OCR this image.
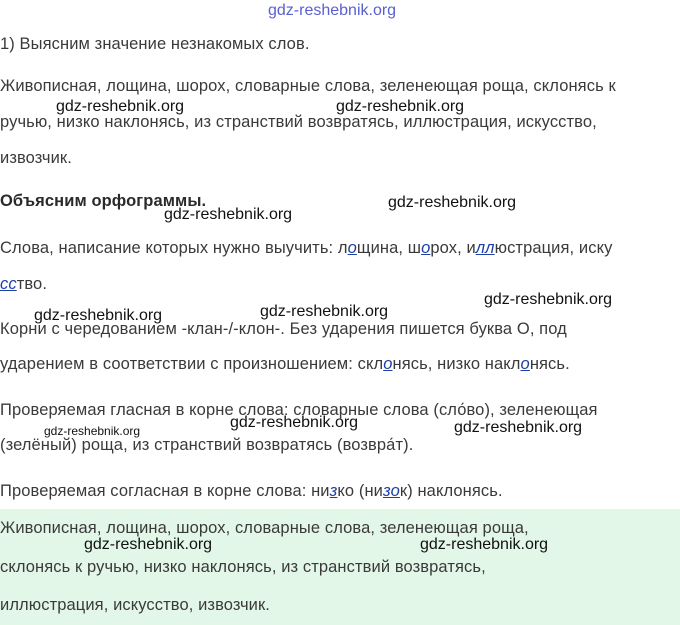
gdz-reshebnik.org
1) Выясним значение незнакомых слов.
Живописная, лощина, шорох, словарные слова, зеленеющая роща, склонясь к
ручью, низко наклонясь, из странствий возвратясь, иллюстрация, искусство,
извозчик.
Объясним орфограммы.
Слова, написание которых нужно выучить: лощина, шорох, иллюстрация, иску
сство.
Корни с чередованием -клан-/-клон-. Без ударения пишется буква О, под
ударением в соответствии с произношением: склонясь, низко наклонясь.
Проверяемая гласная в корне слова: словарные слова (сло́во), зеленеющая
(зелёный) роща, из странствий возвратясь (возвра́т).
Проверяемая согласная в корне слова: низко (низок) наклонясь.
Живописная, лощина, шорох, словарные слова, зеленеющая роща,
склонясь к ручью, низко наклонясь, из странствий возвратясь,
иллюстрация, искусство, извозчик.
gdz-reshebnik.org	gdz-reshebnik.org
gdz-reshebnik.org
gdz-reshebnik.org
gdz-reshebnik.org
gdz-reshebnik.org
gdz-reshebnik.org
gdz-reshebnik.org
gdz-reshebnik.org	gdz-reshebnik.org
gdz-reshebnik.org	gdz-reshebnik.org
